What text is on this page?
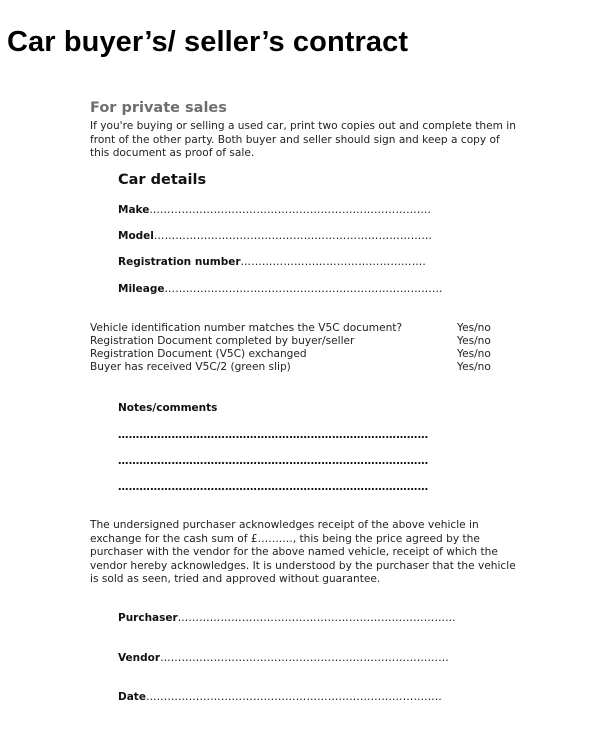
Car buyer’s/ seller’s contract
For private sales
If you're buying or selling a used car, print two copies out and complete them in front of the other party. Both buyer and seller should sign and keep a copy of this document as proof of sale.
Car details
Make…………………………………………………………………….
Model……………………………………………………………………
Registration number…………………………………………….
Mileage……………………………………………………………………
Vehicle identification number matches the V5C document?	Yes/no
Registration Document completed by buyer/seller	Yes/no
Registration Document (V5C) exchanged	Yes/no
Buyer has received V5C/2 (green slip)	Yes/no
Notes/comments
……………………………………………………………………………
……………………………………………………………………………
……………………………………………………………………………
The undersigned purchaser acknowledges receipt of the above vehicle in exchange for the cash sum of £………., this being the price agreed by the purchaser with the vendor for the above named vehicle, receipt of which the vendor hereby acknowledges. It is understood by the purchaser that the vehicle is sold as seen, tried and approved without guarantee.
Purchaser……………………………………………………………………
Vendor………………………………………………………………………
Date………………………………………………………………………..
